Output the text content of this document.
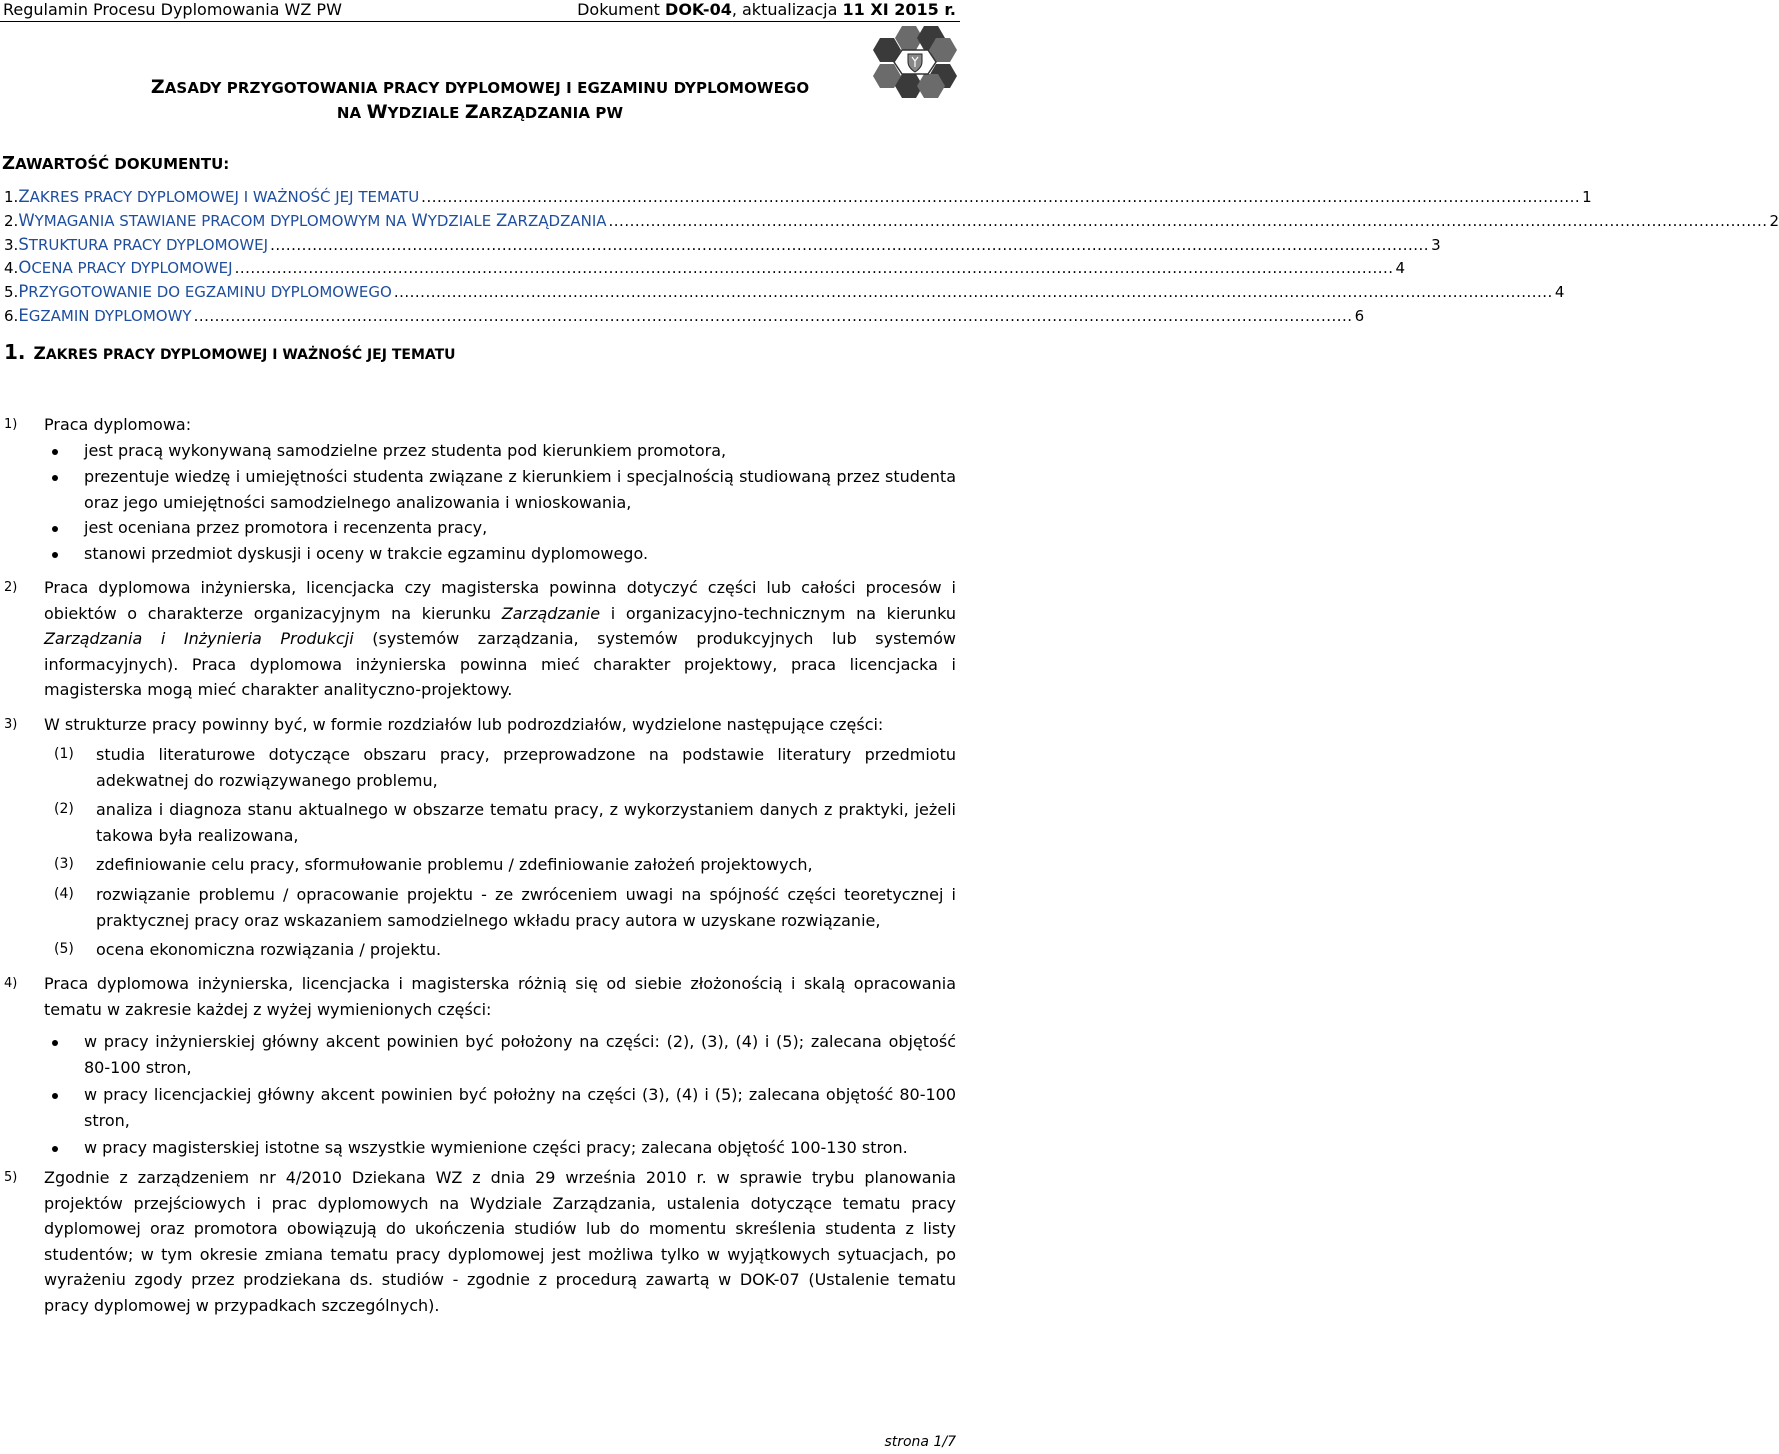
Regulamin Procesu Dyplomowania WZ PW	Dokument DOK-04, aktualizacja 11 XI 2015 r.
ZASADY PRZYGOTOWANIA PRACY DYPLOMOWEJ I EGZAMINU DYPLOMOWEGO
NA WYDZIALE ZARZĄDZANIA PW
ZAWARTOŚĆ DOKUMENTU:
1. ZAKRES PRACY DYPLOMOWEJ I WAŻNOŚĆ JEJ TEMATU ............................................................................................................................................................................................................................ 1
2. WYMAGANIA STAWIANE PRACOM DYPLOMOWYM NA WYDZIALE ZARZĄDZANIA ............................................................................................................................................................................................................................ 2
3. STRUKTURA PRACY DYPLOMOWEJ ............................................................................................................................................................................................................................ 3
4. OCENA PRACY DYPLOMOWEJ ............................................................................................................................................................................................................................ 4
5. PRZYGOTOWANIE DO EGZAMINU DYPLOMOWEGO ............................................................................................................................................................................................................................ 4
6. EGZAMIN DYPLOMOWY ............................................................................................................................................................................................................................ 6
1. ZAKRES PRACY DYPLOMOWEJ I WAŻNOŚĆ JEJ TEMATU
1) Praca dyplomowa:
jest pracą wykonywaną samodzielne przez studenta pod kierunkiem promotora,
prezentuje wiedzę i umiejętności studenta związane z kierunkiem i specjalnością studiowaną przez studenta oraz jego umiejętności samodzielnego analizowania i wnioskowania,
jest oceniana przez promotora i recenzenta pracy,
stanowi przedmiot dyskusji i oceny w trakcie egzaminu dyplomowego.
2) Praca dyplomowa inżynierska, licencjacka czy magisterska powinna dotyczyć części lub całości procesów i obiektów o charakterze organizacyjnym na kierunku Zarządzanie i organizacyjno-technicznym na kierunku Zarządzania i Inżynieria Produkcji (systemów zarządzania, systemów produkcyjnych lub systemów informacyjnych). Praca dyplomowa inżynierska powinna mieć charakter projektowy, praca licencjacka i magisterska mogą mieć charakter analityczno-projektowy.
3) W strukturze pracy powinny być, w formie rozdziałów lub podrozdziałów, wydzielone następujące części:
(1) studia literaturowe dotyczące obszaru pracy, przeprowadzone na podstawie literatury przedmiotu adekwatnej do rozwiązywanego problemu,
(2) analiza i diagnoza stanu aktualnego w obszarze tematu pracy, z wykorzystaniem danych z praktyki, jeżeli takowa była realizowana,
(3) zdefiniowanie celu pracy, sformułowanie problemu / zdefiniowanie założeń projektowych,
(4) rozwiązanie problemu / opracowanie projektu - ze zwróceniem uwagi na spójność części teoretycznej i praktycznej pracy oraz wskazaniem samodzielnego wkładu pracy autora w uzyskane rozwiązanie,
(5) ocena ekonomiczna rozwiązania / projektu.
4) Praca dyplomowa inżynierska, licencjacka i magisterska różnią się od siebie złożonością i skalą opracowania tematu w zakresie każdej z wyżej wymienionych części:
w pracy inżynierskiej główny akcent powinien być położony na części: (2), (3), (4) i (5); zalecana objętość 80-100 stron,
w pracy licencjackiej główny akcent powinien być położny na części (3), (4) i (5); zalecana objętość 80-100 stron,
w pracy magisterskiej istotne są wszystkie wymienione części pracy; zalecana objętość 100-130 stron.
5) Zgodnie z zarządzeniem nr 4/2010 Dziekana WZ z dnia 29 września 2010 r. w sprawie trybu planowania projektów przejściowych i prac dyplomowych na Wydziale Zarządzania, ustalenia dotyczące tematu pracy dyplomowej oraz promotora obowiązują do ukończenia studiów lub do momentu skreślenia studenta z listy studentów; w tym okresie zmiana tematu pracy dyplomowej jest możliwa tylko w wyjątkowych sytuacjach, po wyrażeniu zgody przez prodziekana ds. studiów - zgodnie z procedurą zawartą w DOK-07 (Ustalenie tematu pracy dyplomowej w przypadkach szczególnych).
strona 1/7
